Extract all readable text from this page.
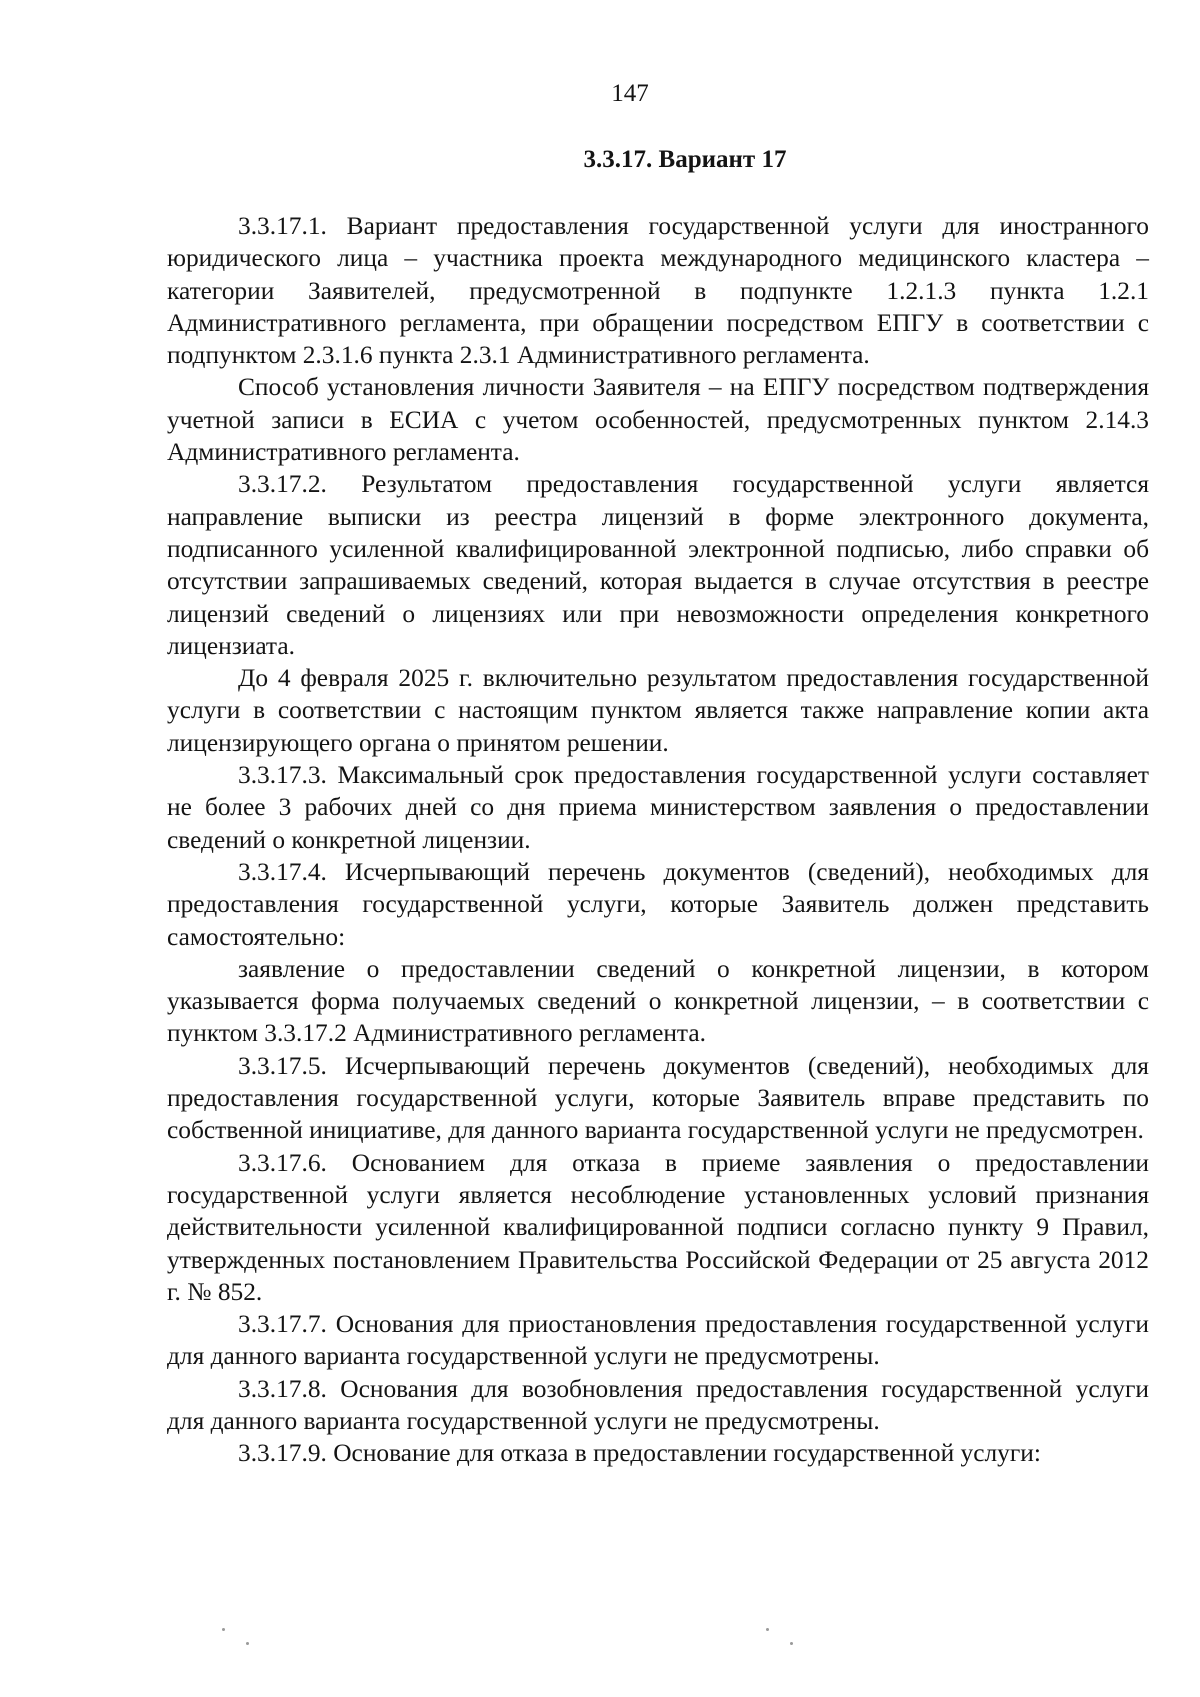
147
3.3.17. Вариант 17

3.3.17.1. Вариант предоставления государственной услуги для иностранного юридического лица – участника проекта международного медицинского кластера – категории Заявителей, предусмотренной в подпункте 1.2.1.3 пункта 1.2.1 Административного регламента, при обращении посредством ЕПГУ в соответствии с подпунктом 2.3.1.6 пункта 2.3.1 Административного регламента.

Способ установления личности Заявителя – на ЕПГУ посредством подтверждения учетной записи в ЕСИА с учетом особенностей, предусмотренных пунктом 2.14.3 Административного регламента.

3.3.17.2. Результатом предоставления государственной услуги является направление выписки из реестра лицензий в форме электронного документа, подписанного усиленной квалифицированной электронной подписью, либо справки об отсутствии запрашиваемых сведений, которая выдается в случае отсутствия в реестре лицензий сведений о лицензиях или при невозможности определения конкретного лицензиата.

До 4 февраля 2025 г. включительно результатом предоставления государственной услуги в соответствии с настоящим пунктом является также направление копии акта лицензирующего органа о принятом решении.

3.3.17.3. Максимальный срок предоставления государственной услуги составляет не более 3 рабочих дней со дня приема министерством заявления о предоставлении сведений о конкретной лицензии.

3.3.17.4. Исчерпывающий перечень документов (сведений), необходимых для предоставления государственной услуги, которые Заявитель должен представить самостоятельно:

заявление о предоставлении сведений о конкретной лицензии, в котором указывается форма получаемых сведений о конкретной лицензии, – в соответствии с пунктом 3.3.17.2 Административного регламента.

3.3.17.5. Исчерпывающий перечень документов (сведений), необходимых для предоставления государственной услуги, которые Заявитель вправе представить по собственной инициативе, для данного варианта государственной услуги не предусмотрен.

3.3.17.6. Основанием для отказа в приеме заявления о предоставлении государственной услуги является несоблюдение установленных условий признания действительности усиленной квалифицированной подписи согласно пункту 9 Правил, утвержденных постановлением Правительства Российской Федерации от 25 августа 2012 г. № 852.

3.3.17.7. Основания для приостановления предоставления государственной услуги для данного варианта государственной услуги не предусмотрены.

3.3.17.8. Основания для возобновления предоставления государственной услуги для данного варианта государственной услуги не предусмотрены.

3.3.17.9. Основание для отказа в предоставлении государственной услуги:
